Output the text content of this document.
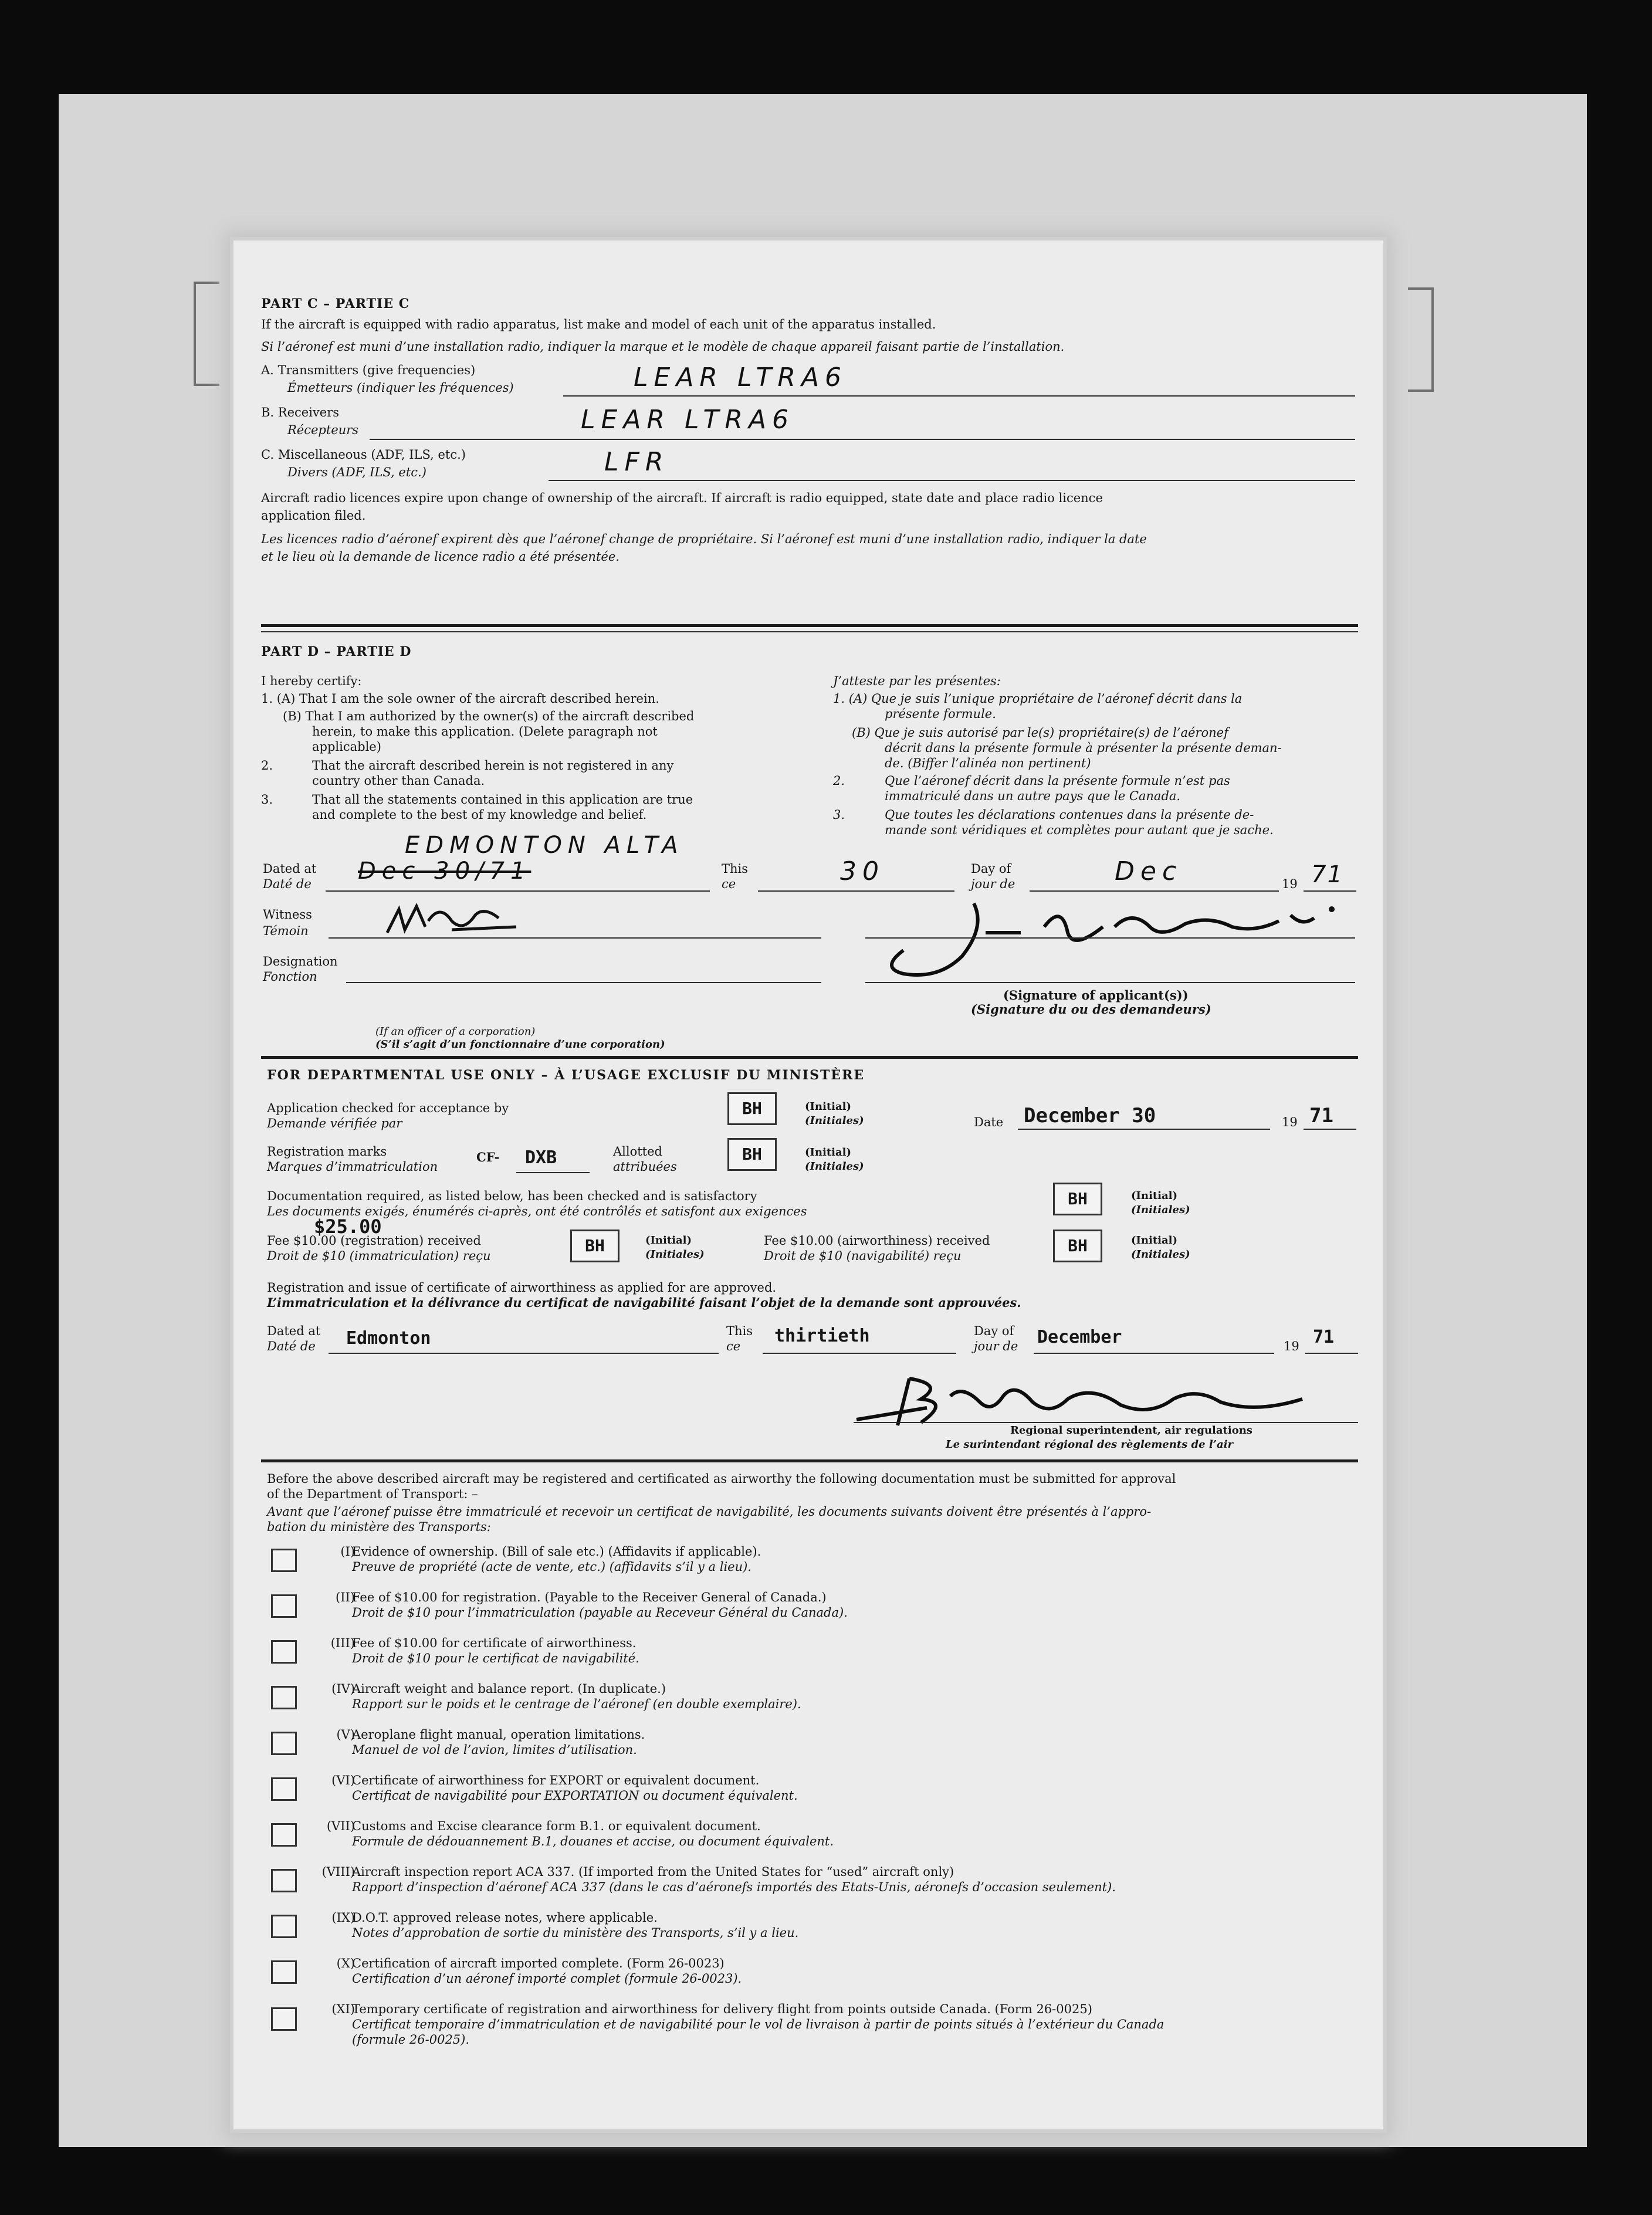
PART C – PARTIE C
If the aircraft is equipped with radio apparatus, list make and model of each unit of the apparatus installed.
Si l’aéronef est muni d’une installation radio, indiquer la marque et le modèle de chaque appareil faisant partie de l’installation.
A. Transmitters (give frequencies)
Émetteurs (indiquer les fréquences)	LEAR LTRA6
B. Receivers
Récepteurs	LEAR LTRA6
C. Miscellaneous (ADF, ILS, etc.)
Divers (ADF, ILS, etc.)	LFR
Aircraft radio licences expire upon change of ownership of the aircraft. If aircraft is radio equipped, state date and place radio licence
application filed.
Les licences radio d’aéronef expirent dès que l’aéronef change de propriétaire. Si l’aéronef est muni d’une installation radio, indiquer la date
et le lieu où la demande de licence radio a été présentée.
PART D – PARTIE D
I hereby certify:
1. (A) That I am the sole owner of the aircraft described herein.
(B) That I am authorized by the owner(s) of the aircraft described
herein, to make this application. (Delete paragraph not
applicable)
2.	That the aircraft described herein is not registered in any
country other than Canada.
3.	That all the statements contained in this application are true
and complete to the best of my knowledge and belief.
J’atteste par les présentes:
1. (A) Que je suis l’unique propriétaire de l’aéronef décrit dans la
présente formule.
(B) Que je suis autorisé par le(s) propriétaire(s) de l’aéronef
décrit dans la présente formule à présenter la présente deman-
de. (Biffer l’alinéa non pertinent)
2.	Que l’aéronef décrit dans la présente formule n’est pas
immatriculé dans un autre pays que le Canada.
3.	Que toutes les déclarations contenues dans la présente de-
mande sont véridiques et complètes pour autant que je sache.
EDMONTON ALTA
Dated at
Daté de Dec 30/71	This
ce	30	Day of
jour de	Dec	19 71
Witness
Témoin
Designation
Fonction
(Signature of applicant(s))
(Signature du ou des demandeurs)
(If an officer of a corporation)
(S’il s’agit d’un fonctionnaire d’une corporation)
FOR DEPARTMENTAL USE ONLY – À L’USAGE EXCLUSIF DU MINISTÈRE
Application checked for acceptance by
Demande vérifiée par
BH	(Initial)
(Initiales)	Date December 30	19 71
Registration marks
Marques d’immatriculation
CF- DXB	Allotted
attribuées
BH	(Initial)
(Initiales)
Documentation required, as listed below, has been checked and is satisfactory
Les documents exigés, énumérés ci-après, ont été contrôlés et satisfont aux exigences
BH	(Initial)
(Initiales)
$25.00
Fee $10.00 (registration) received
Droit de $10 (immatriculation) reçu
BH	(Initial)
(Initiales)
Fee $10.00 (airworthiness) received
Droit de $10 (navigabilité) reçu
BH	(Initial)
(Initiales)
Registration and issue of certificate of airworthiness as applied for are approved.
L’immatriculation et la délivrance du certificat de navigabilité faisant l’objet de la demande sont approuvées.
Dated at
Daté de Edmonton	This
ce thirtieth	Day of
jour de December	19 71
Regional superintendent, air regulations
Le surintendant régional des règlements de l’air
Before the above described aircraft may be registered and certificated as airworthy the following documentation must be submitted for approval
of the Department of Transport: –
Avant que l’aéronef puisse être immatriculé et recevoir un certificat de navigabilité, les documents suivants doivent être présentés à l’appro-
bation du ministère des Transports:
(I)
Evidence of ownership. (Bill of sale etc.) (Affidavits if applicable).
Preuve de propriété (acte de vente, etc.) (affidavits s’il y a lieu).
(II)
Fee of $10.00 for registration. (Payable to the Receiver General of Canada.)
Droit de $10 pour l’immatriculation (payable au Receveur Général du Canada).
(III)
Fee of $10.00 for certificate of airworthiness.
Droit de $10 pour le certificat de navigabilité.
(IV)
Aircraft weight and balance report. (In duplicate.)
Rapport sur le poids et le centrage de l’aéronef (en double exemplaire).
(V)
Aeroplane flight manual, operation limitations.
Manuel de vol de l’avion, limites d’utilisation.
(VI)
Certificate of airworthiness for EXPORT or equivalent document.
Certificat de navigabilité pour EXPORTATION ou document équivalent.
(VII)
Customs and Excise clearance form B.1. or equivalent document.
Formule de dédouannement B.1, douanes et accise, ou document équivalent.
(VIII)
Aircraft inspection report ACA 337. (If imported from the United States for “used” aircraft only)
Rapport d’inspection d’aéronef ACA 337 (dans le cas d’aéronefs importés des Etats-Unis, aéronefs d’occasion seulement).
(IX)
D.O.T. approved release notes, where applicable.
Notes d’approbation de sortie du ministère des Transports, s’il y a lieu.
(X)
Certification of aircraft imported complete. (Form 26-0023)
Certification d’un aéronef importé complet (formule 26-0023).
(XI)
Temporary certificate of registration and airworthiness for delivery flight from points outside Canada. (Form 26-0025)
Certificat temporaire d’immatriculation et de navigabilité pour le vol de livraison à partir de points situés à l’extérieur du Canada
(formule 26-0025).
